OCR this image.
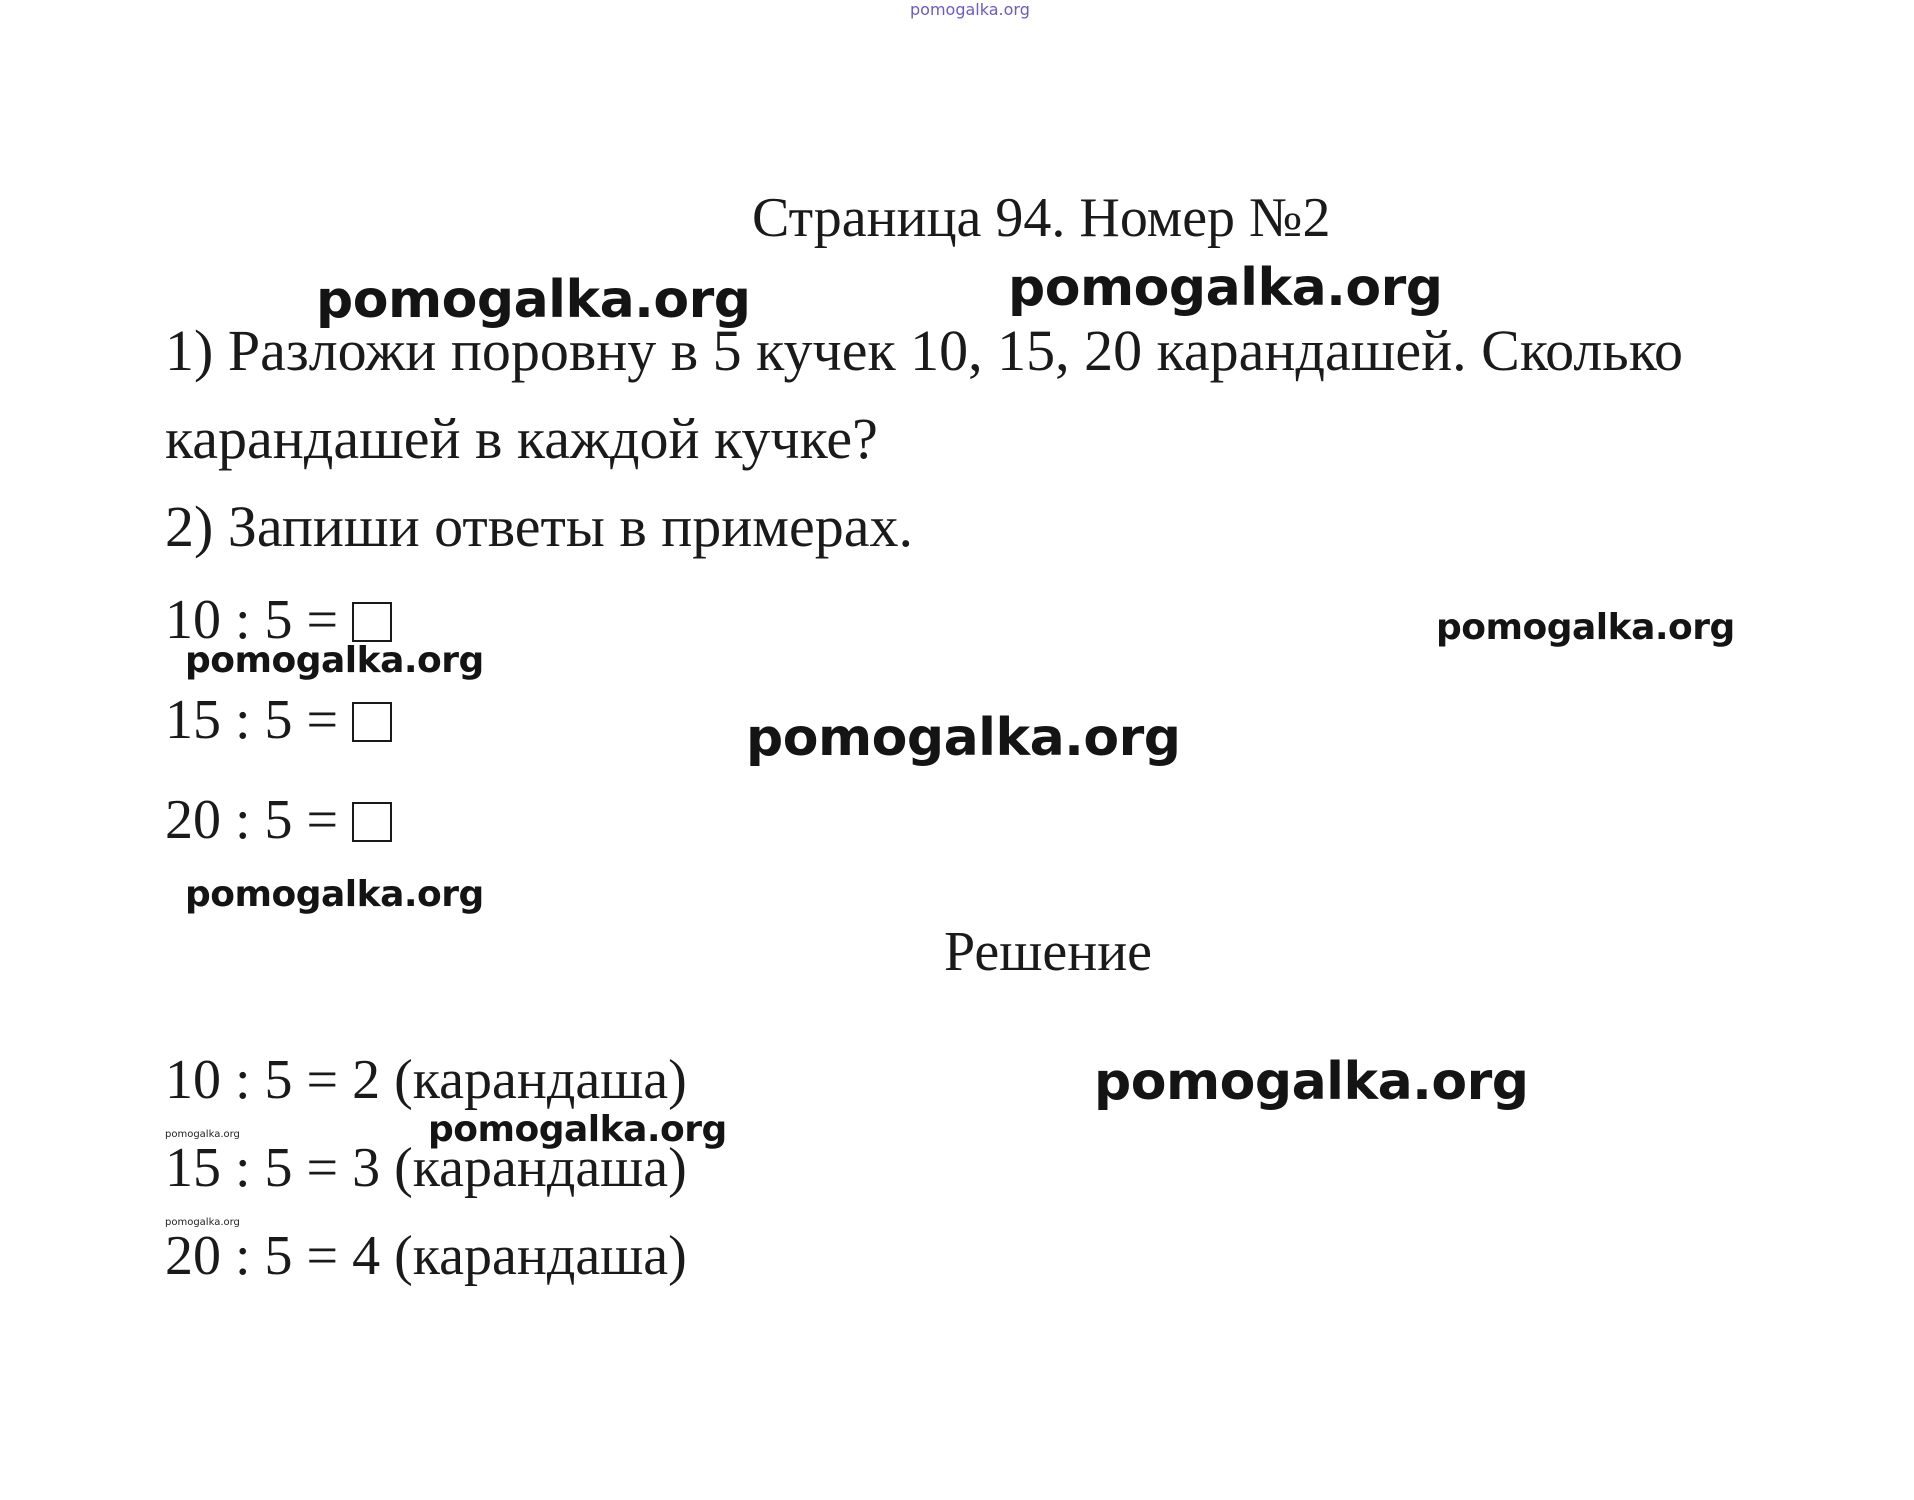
pomogalka.org
Страница 94. Номер №2
pomogalka.org	pomogalka.org
1) Разложи поровну в 5 кучек 10, 15, 20 карандашей. Сколько
карандашей в каждой кучке?
2) Запиши ответы в примерах.
10 : 5 =
15 : 5 =
20 : 5 =
pomogalka.org
pomogalka.org
pomogalka.org
pomogalka.org
Решение
10 : 5 = 2 (карандаша)
15 : 5 = 3 (карандаша)
20 : 5 = 4 (карандаша)
pomogalka.org
pomogalka.org
pomogalka.org
pomogalka.org
